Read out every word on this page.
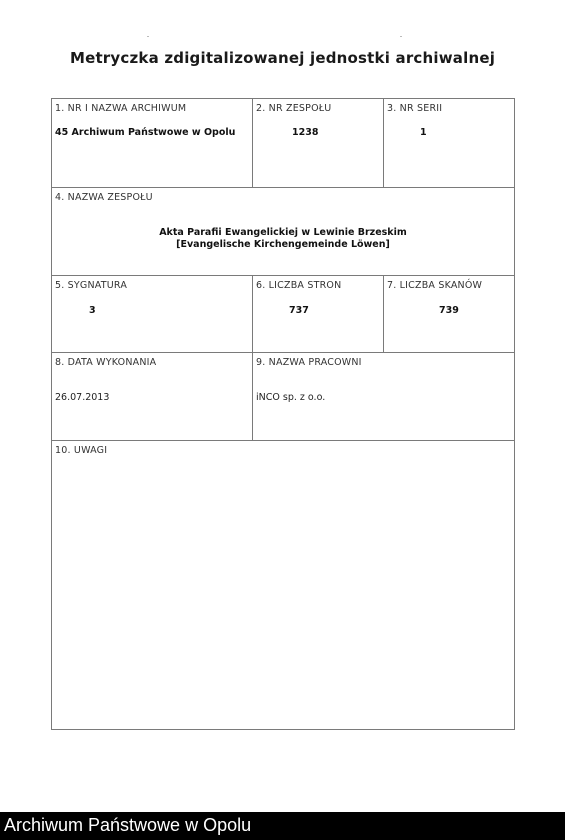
Metryczka zdigitalizowanej jednostki archiwalnej
1. NR I NAZWA ARCHIWUM
45 Archiwum Państwowe w Opolu
2. NR ZESPOŁU
1238
3. NR SERII
1
4. NAZWA ZESPOŁU
Akta Parafii Ewangelickiej w Lewinie Brzeskim
[Evangelische Kirchengemeinde Löwen]
5. SYGNATURA
3
6. LICZBA STRON
737
7. LICZBA SKANÓW
739
8. DATA WYKONANIA
26.07.2013
9. NAZWA PRACOWNI
iNCO sp. z o.o.
10. UWAGI
Archiwum Państwowe w Opolu
